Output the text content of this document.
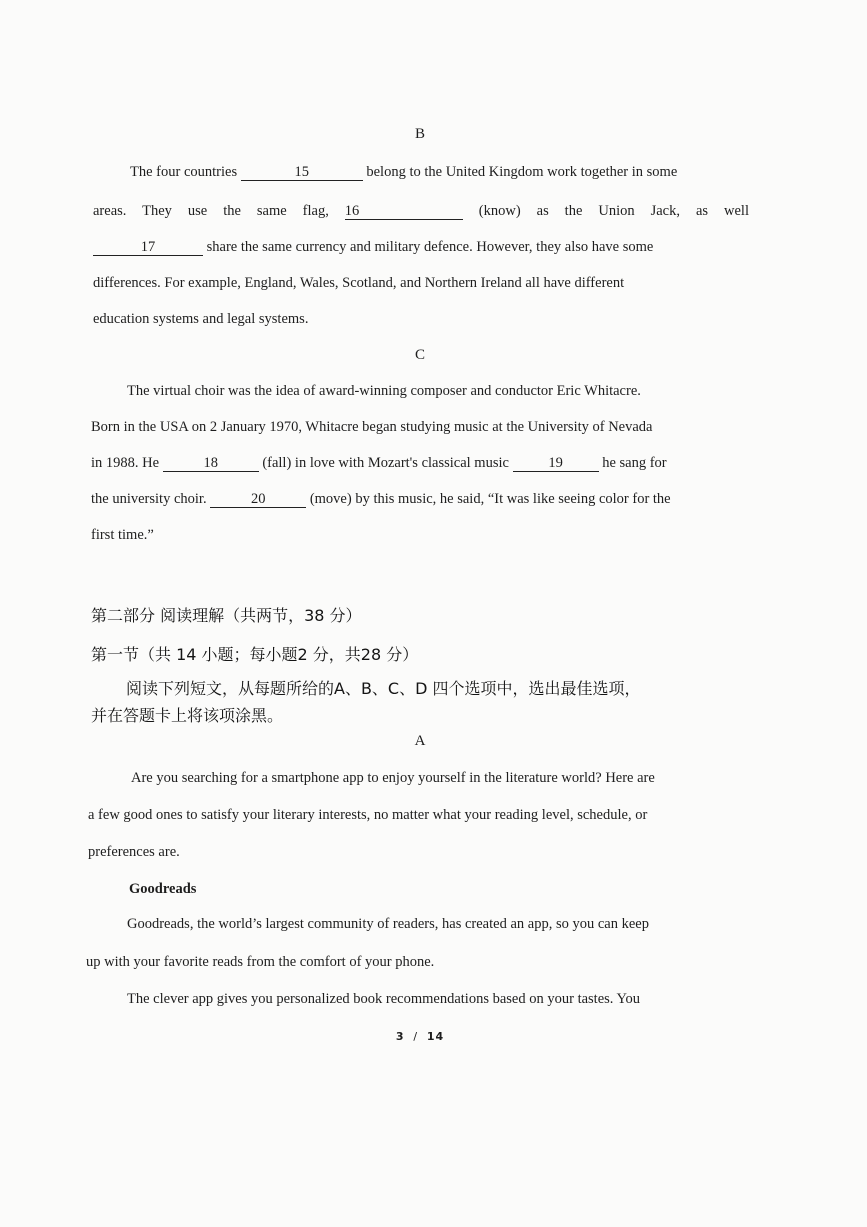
B
The four countries	15	belong to the United Kingdom work together in some
areas. They use the same flag, 16	(know) as the Union Jack, as well
17	share the same currency and military defence. However, they also have some
differences. For example, England, Wales, Scotland, and Northern Ireland all have different
education systems and legal systems.
C
The virtual choir was the idea of award-winning composer and conductor Eric Whitacre.
Born in the USA on 2 January 1970, Whitacre began studying music at the University of Nevada
in 1988. He	18	(fall) in love with Mozart's classical music 19 he sang for
the university choir.	20	(move) by this music, he said, “It was like seeing color for the
first time.”
第二部分 阅读理解（共两节，38 分）
第一节（共 14 小题；每小题2 分，共28 分）
阅读下列短文，从每题所给的A、B、C、D 四个选项中，选出最佳选项，
并在答题卡上将该项涂黑。
A
Are you searching for a smartphone app to enjoy yourself in the literature world? Here are
a few good ones to satisfy your literary interests, no matter what your reading level, schedule, or
preferences are.
Goodreads
Goodreads, the world’s largest community of readers, has created an app, so you can keep
up with your favorite reads from the comfort of your phone.
The clever app gives you personalized book recommendations based on your tastes. You
3 / 14
